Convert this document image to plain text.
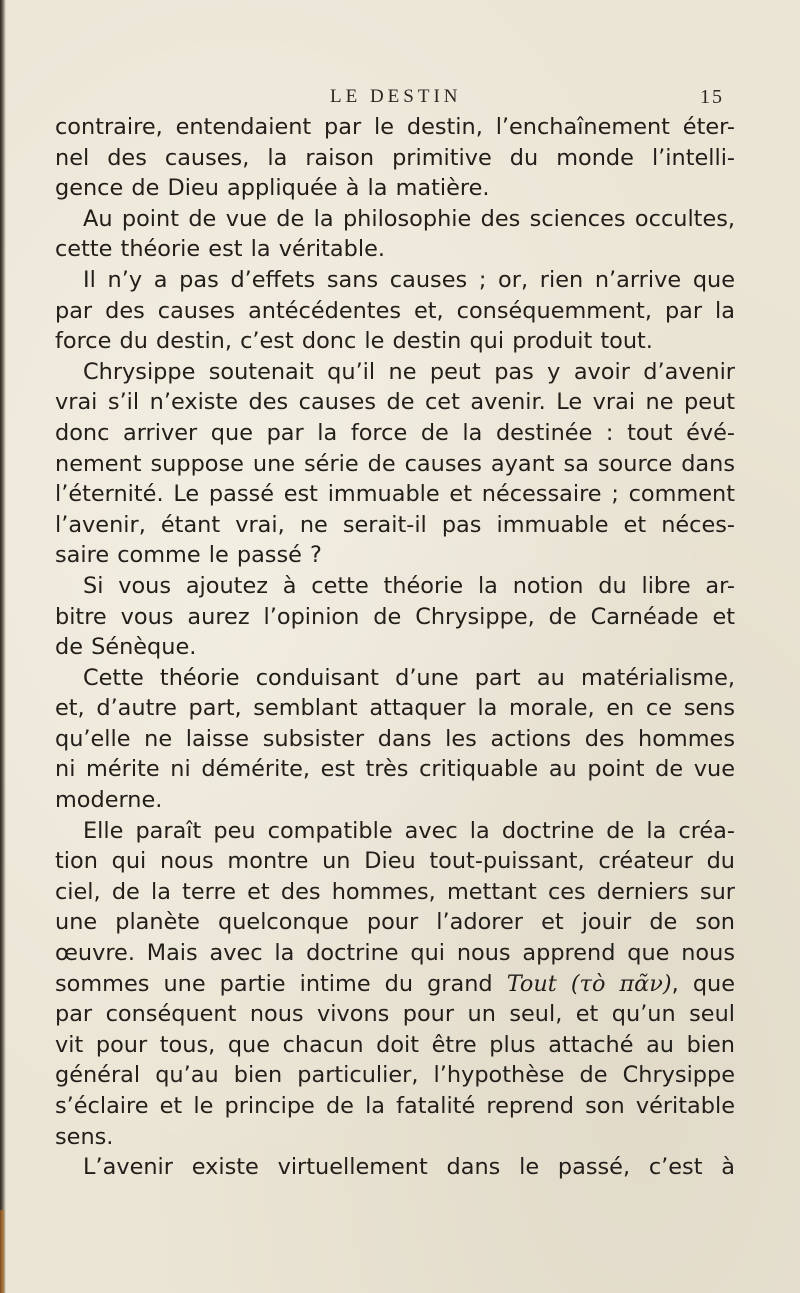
LE DESTIN	15
contraire, entendaient par le destin, l’enchaînement éter-
nel des causes, la raison primitive du monde l’intelli-
gence de Dieu appliquée à la matière.
Au point de vue de la philosophie des sciences occultes,
cette théorie est la véritable.
Il n’y a pas d’effets sans causes ; or, rien n’arrive que
par des causes antécédentes et, conséquemment, par la
force du destin, c’est donc le destin qui produit tout.
Chrysippe soutenait qu’il ne peut pas y avoir d’avenir
vrai s’il n’existe des causes de cet avenir. Le vrai ne peut
donc arriver que par la force de la destinée : tout évé-
nement suppose une série de causes ayant sa source dans
l’éternité. Le passé est immuable et nécessaire ; comment
l’avenir, étant vrai, ne serait-il pas immuable et néces-
saire comme le passé ?
Si vous ajoutez à cette théorie la notion du libre ar-
bitre vous aurez l’opinion de Chrysippe, de Carnéade et
de Sénèque.
Cette théorie conduisant d’une part au matérialisme,
et, d’autre part, semblant attaquer la morale, en ce sens
qu’elle ne laisse subsister dans les actions des hommes
ni mérite ni démérite, est très critiquable au point de vue
moderne.
Elle paraît peu compatible avec la doctrine de la créa-
tion qui nous montre un Dieu tout-puissant, créateur du
ciel, de la terre et des hommes, mettant ces derniers sur
une planète quelconque pour l’adorer et jouir de son
œuvre. Mais avec la doctrine qui nous apprend que nous
sommes une partie intime du grand Tout (τὸ πᾶν), que
par conséquent nous vivons pour un seul, et qu’un seul
vit pour tous, que chacun doit être plus attaché au bien
général qu’au bien particulier, l’hypothèse de Chrysippe
s’éclaire et le principe de la fatalité reprend son véritable
sens.
L’avenir existe virtuellement dans le passé, c’est à
